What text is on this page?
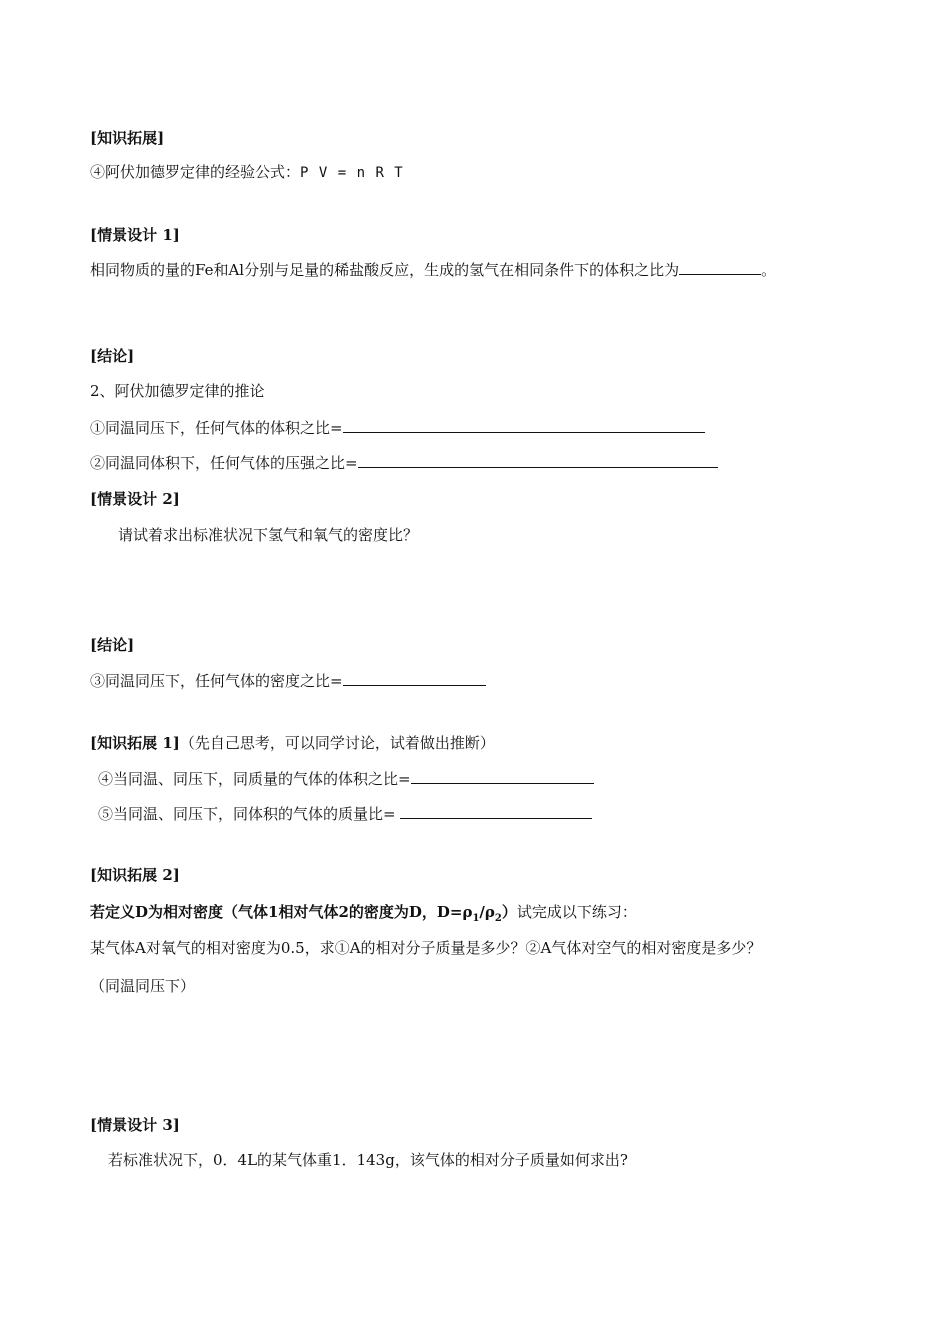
[知识拓展]
④阿伏加德罗定律的经验公式：P V = n R T
[情景设计 1]
相同物质的量的Fe和Al分别与足量的稀盐酸反应，生成的氢气在相同条件下的体积之比为	。
[结论]
2、阿伏加德罗定律的推论
①同温同压下，任何气体的体积之比=
②同温同体积下，任何气体的压强之比=
[情景设计 2]
请试着求出标准状况下氢气和氧气的密度比？
[结论]
③同温同压下，任何气体的密度之比=
[知识拓展 1]（先自己思考，可以同学讨论，试着做出推断）
④当同温、同压下，同质量的气体的体积之比=
⑤当同温、同压下，同体积的气体的质量比=
[知识拓展 2]
若定义D为相对密度（气体1相对气体2的密度为D，$D=\rho_1/\rho_2$）试完成以下练习：
某气体A对氧气的相对密度为0.5，求①A的相对分子质量是多少？②A气体对空气的相对密度是多少？
（同温同压下）
[情景设计 3]
若标准状况下，0．4L的某气体重1．143g，该气体的相对分子质量如何求出?
